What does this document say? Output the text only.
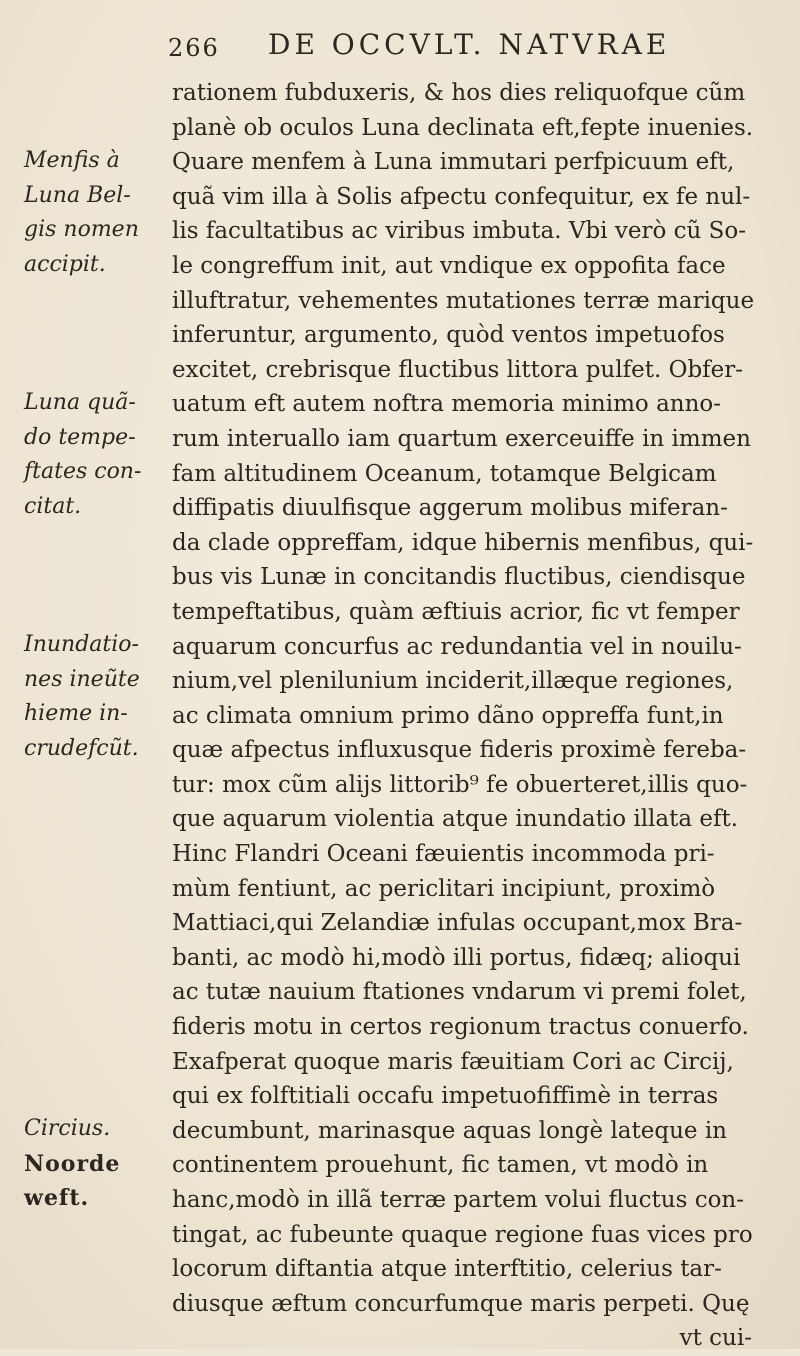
266 DE OCCVLT. NATVRAE
rationem fubduxeris, & hos dies reliquofque cũm
planè ob oculos Luna declinata eft,fepte inuenies.
Quare menfem à Luna immutari perfpicuum eft,
quã vim illa à Solis afpectu confequitur, ex fe nul-
lis facultatibus ac viribus imbuta. Vbi verò cũ So-
le congreffum init, aut vndique ex oppofita face
illuftratur, vehementes mutationes terræ marique
inferuntur, argumento, quòd ventos impetuofos
excitet, crebrisque fluctibus littora pulfet. Obfer-
uatum eft autem noftra memoria minimo anno-
rum interuallo iam quartum exerceuiffe in immen
fam altitudinem Oceanum, totamque Belgicam
diffipatis diuulfisque aggerum molibus miferan-
da clade oppreffam, idque hibernis menfibus, qui-
bus vis Lunæ in concitandis fluctibus, ciendisque
tempeftatibus, quàm æftiuis acrior, fic vt femper
aquarum concurfus ac redundantia vel in nouilu-
nium,vel plenilunium inciderit,illæque regiones,
ac climata omnium primo dãno oppreffa funt,in
quæ afpectus influxusque fideris proximè fereba-
tur: mox cũm alijs littorib⁹ fe obuerteret,illis quo-
que aquarum violentia atque inundatio illata eft.
Hinc Flandri Oceani fæuientis incommoda pri-
mùm fentiunt, ac periclitari incipiunt, proximò
Mattiaci,qui Zelandiæ infulas occupant,mox Bra-
banti, ac modò hi,modò illi portus, fidæq; alioqui
ac tutæ nauium ftationes vndarum vi premi folet,
fideris motu in certos regionum tractus conuerfo.
Exafperat quoque maris fæuitiam Cori ac Circij,
qui ex folftitiali occafu impetuofiffimè in terras
decumbunt, marinasque aquas longè lateque in
continentem prouehunt, fic tamen, vt modò in
hanc,modò in illã terræ partem volui fluctus con-
tingat, ac fubeunte quaque regione fuas vices pro
locorum diftantia atque interftitio, celerius tar-
diusque æftum concurfumque maris perpeti. Quę
vt cui-
Menfis à
Luna Bel-
gis nomen
accipit.
Luna quã-
do tempe-
ftates con-
citat.
Inundatio-
nes ineũte
hieme in-
crudefcũt.
Circius.
Noorde
weft.
